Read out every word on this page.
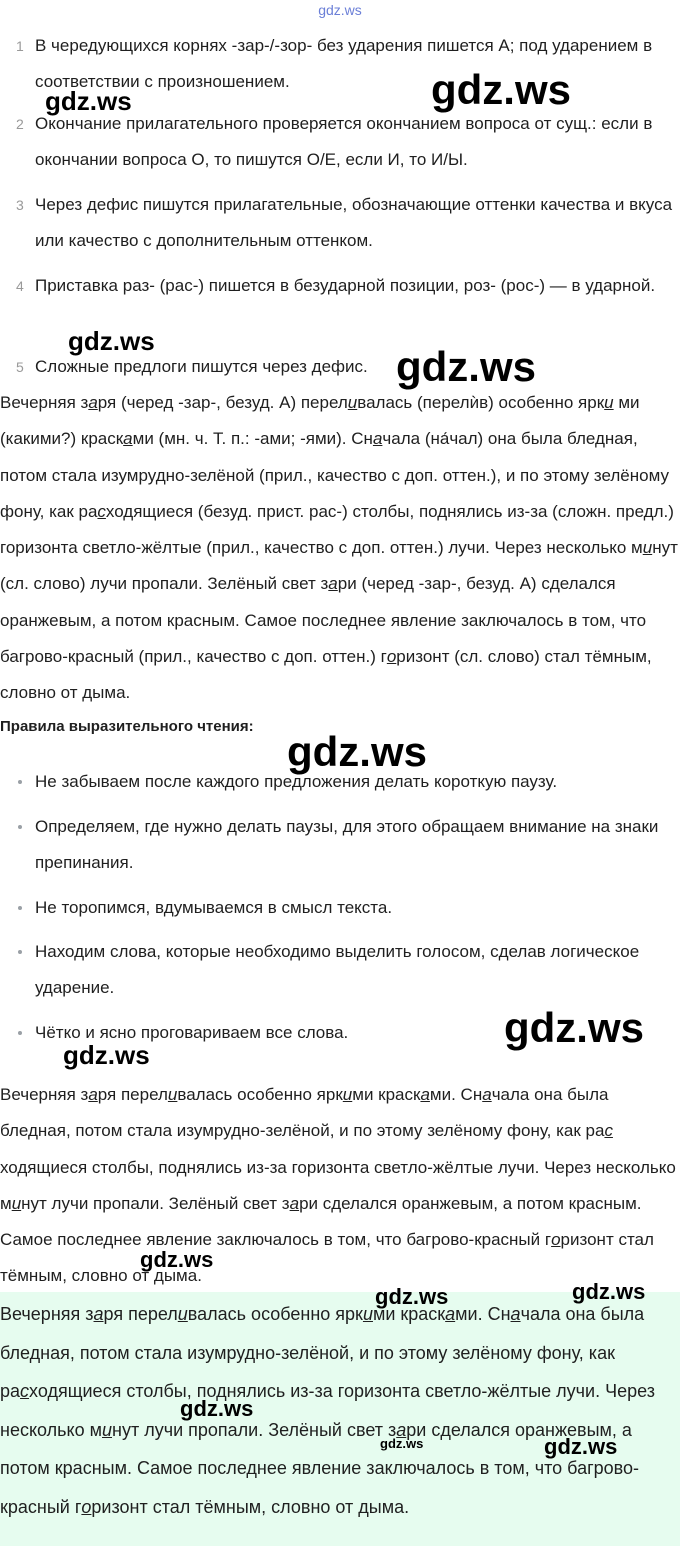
gdz.ws
1 В чередующихся корнях -зар-/-зор- без ударения пишется А; под ударением в соответствии с произношением.
2 Окончание прилагательного проверяется окончанием вопроса от сущ.: если в окончании вопроса О, то пишутся О/Е, если И, то И/Ы.
3 Через дефис пишутся прилагательные, обозначающие оттенки качества и вкуса или качество с дополнительным оттенком.
4 Приставка раз- (рас-) пишется в безударной позиции, роз- (рос-) — в ударной.
5 Сложные предлоги пишутся через дефис.
Вечерняя заря (черед -зар-, безуд. А) переливалась (перелѝв) особенно ярки ми (какими?) красками (мн. ч. Т. п.: -ами; -ями). Сначала (на́чал) она была бледная, потом стала изумрудно-зелёной (прил., качество с доп. оттен.), и по этому зелёному фону, как расходящиеся (безуд. прист. рас-) столбы, поднялись из-за (сложн. предл.) горизонта светло-жёлтые (прил., качество с доп. оттен.) лучи. Через несколько минут (сл. слово) лучи пропали. Зелёный свет зари (черед -зар-, безуд. А) сделался оранжевым, а потом красным. Самое последнее явление заключалось в том, что багрово-красный (прил., качество с доп. оттен.) горизонт (сл. слово) стал тёмным, словно от дыма.
Правила выразительного чтения:
Не забываем после каждого предложения делать короткую паузу.
Определяем, где нужно делать паузы, для этого обращаем внимание на знаки препинания.
Не торопимся, вдумываемся в смысл текста.
Находим слова, которые необходимо выделить голосом, сделав логическое ударение.
Чётко и ясно проговариваем все слова.
Вечерняя заря переливалась особенно яркими красками. Сначала она была бледная, потом стала изумрудно-зелёной, и по этому зелёному фону, как рас ходящиеся столбы, поднялись из-за горизонта светло-жёлтые лучи. Через несколько минут лучи пропали. Зелёный свет зари сделался оранжевым, а потом красным. Самое последнее явление заключалось в том, что багрово-красный горизонт стал тёмным, словно от дыма.
Вечерняя заря переливалась особенно яркими красками. Сначала она была бледная, потом стала изумрудно-зелёной, и по этому зелёному фону, как расходящиеся столбы, поднялись из-за горизонта светло-жёлтые лучи. Через несколько минут лучи пропали. Зелёный свет зари сделался оранжевым, а потом красным. Самое последнее явление заключалось в том, что багрово-красный горизонт стал тёмным, словно от дыма.
gdz.ws
gdz.ws
gdz.ws
gdz.ws
gdz.ws
gdz.ws
gdz.ws
gdz.ws
gdz.ws	gdz.ws
gdz.ws
gdz.ws	gdz.ws
